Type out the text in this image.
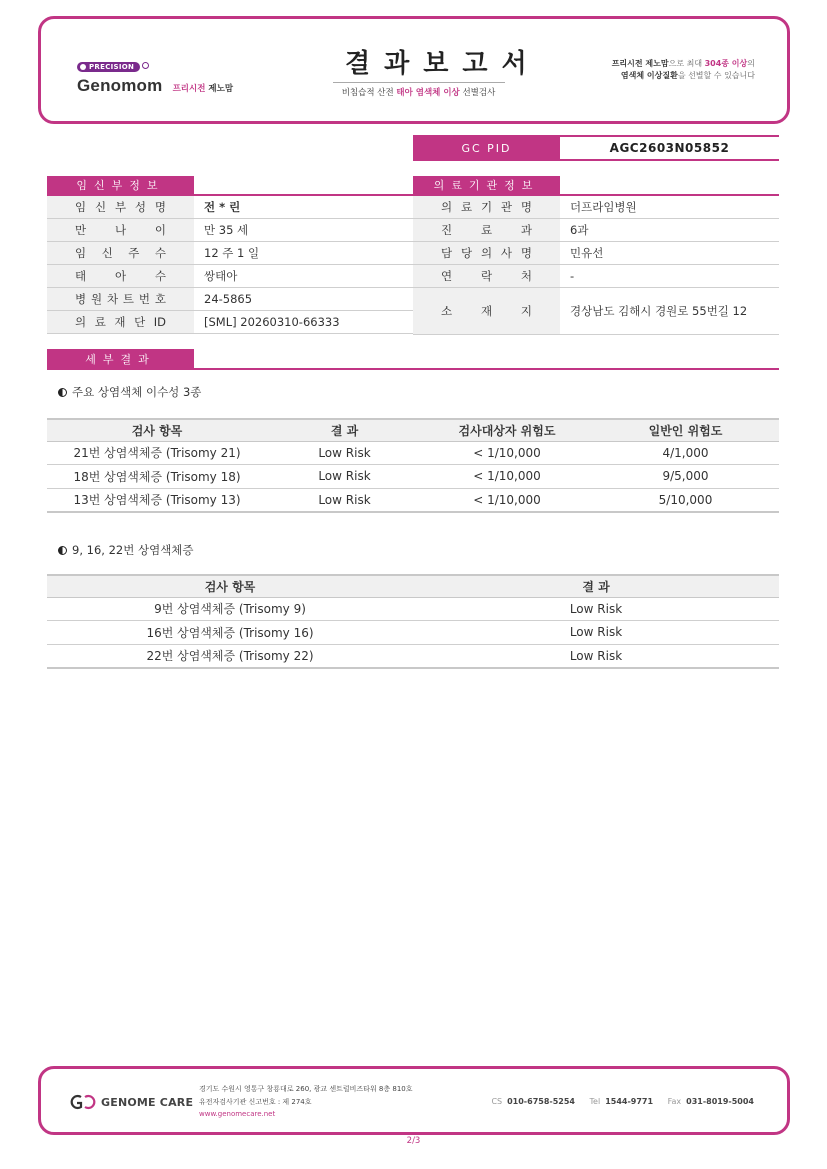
PRECISION
Genomom 프리시전 제노맘
결과보고서
비침습적 산전 태아 염색체 이상 선별검사
프리시전 제노맘으로 최대 304종 이상의
염색체 이상질환을 선별할 수 있습니다
GC PID	AGC2603N05852
임신부정보
임 신 부 성 명	전 * 린
만	나	이	만 35 세
임 신 주 수	12 주 1 일
태	아	수	쌍태아
병 원 차 트 번 호	24-5865
의 료 재 단 ID	[SML] 20260310-66333
의료기관정보
의 료 기 관 명	더프라임병원
진	료	과	6과
담 당 의 사 명	민유선
연	락	처	-
소	재	지	경상남도 김해시 경원로 55번길 12
세부결과
주요 상염색체 이수성 3종
검사 항목	결 과	검사대상자 위험도	일반인 위험도
21번 상염색체증 (Trisomy 21)	Low Risk	< 1/10,000	4/1,000
18번 상염색체증 (Trisomy 18)	Low Risk	< 1/10,000	9/5,000
13번 상염색체증 (Trisomy 13)	Low Risk	< 1/10,000	5/10,000
9, 16, 22번 상염색체증
검사 항목	결 과
9번 상염색체증 (Trisomy 9)	Low Risk
16번 상염색체증 (Trisomy 16)	Low Risk
22번 상염색체증 (Trisomy 22)	Low Risk
GENOME CARE
경기도 수원시 영통구 창룡대로 260, 광교 센트럴비즈타워 8층 810호
유전자검사기관 신고번호 : 제 274호
www.genomecare.net
CS 010-6758-5254 Tel 1544-9771 Fax 031-8019-5004
2/3
